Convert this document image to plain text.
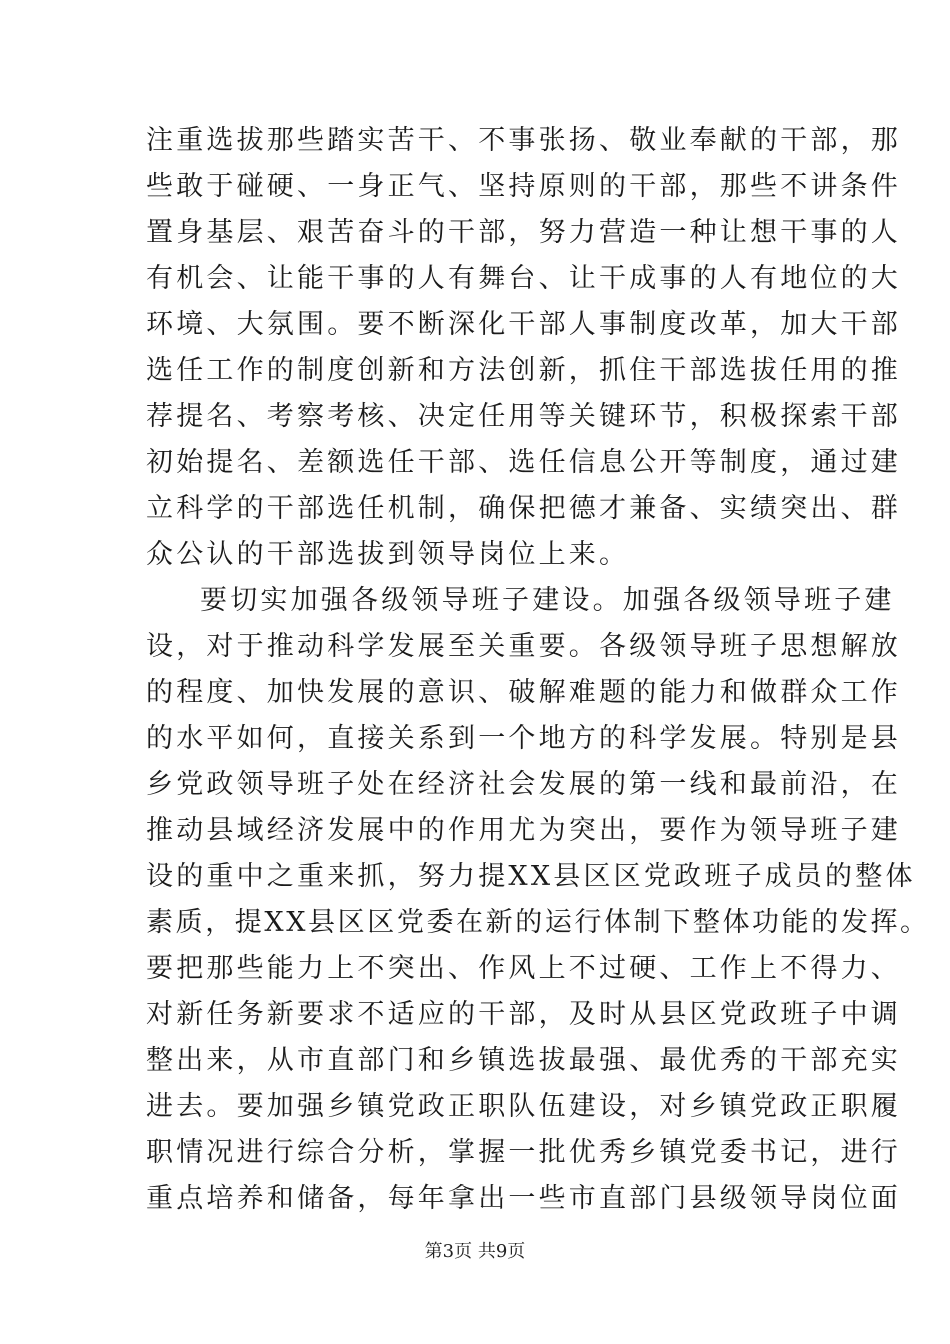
注重选拔那些踏实苦干、不事张扬、敬业奉献的干部，那
些敢于碰硬、一身正气、坚持原则的干部，那些不讲条件
置身基层、艰苦奋斗的干部，努力营造一种让想干事的人
有机会、让能干事的人有舞台、让干成事的人有地位的大
环境、大氛围。要不断深化干部人事制度改革，加大干部
选任工作的制度创新和方法创新，抓住干部选拔任用的推
荐提名、考察考核、决定任用等关键环节，积极探索干部
初始提名、差额选任干部、选任信息公开等制度，通过建
立科学的干部选任机制，确保把德才兼备、实绩突出、群
众公认的干部选拔到领导岗位上来。
要切实加强各级领导班子建设。加强各级领导班子建
设，对于推动科学发展至关重要。各级领导班子思想解放
的程度、加快发展的意识、破解难题的能力和做群众工作
的水平如何，直接关系到一个地方的科学发展。特别是县
乡党政领导班子处在经济社会发展的第一线和最前沿，在
推动县域经济发展中的作用尤为突出，要作为领导班子建
设的重中之重来抓，努力提XX县区区党政班子成员的整体
素质，提XX县区区党委在新的运行体制下整体功能的发挥。
要把那些能力上不突出、作风上不过硬、工作上不得力、
对新任务新要求不适应的干部，及时从县区党政班子中调
整出来，从市直部门和乡镇选拔最强、最优秀的干部充实
进去。要加强乡镇党政正职队伍建设，对乡镇党政正职履
职情况进行综合分析，掌握一批优秀乡镇党委书记，进行
重点培养和储备，每年拿出一些市直部门县级领导岗位面
第3页 共9页
